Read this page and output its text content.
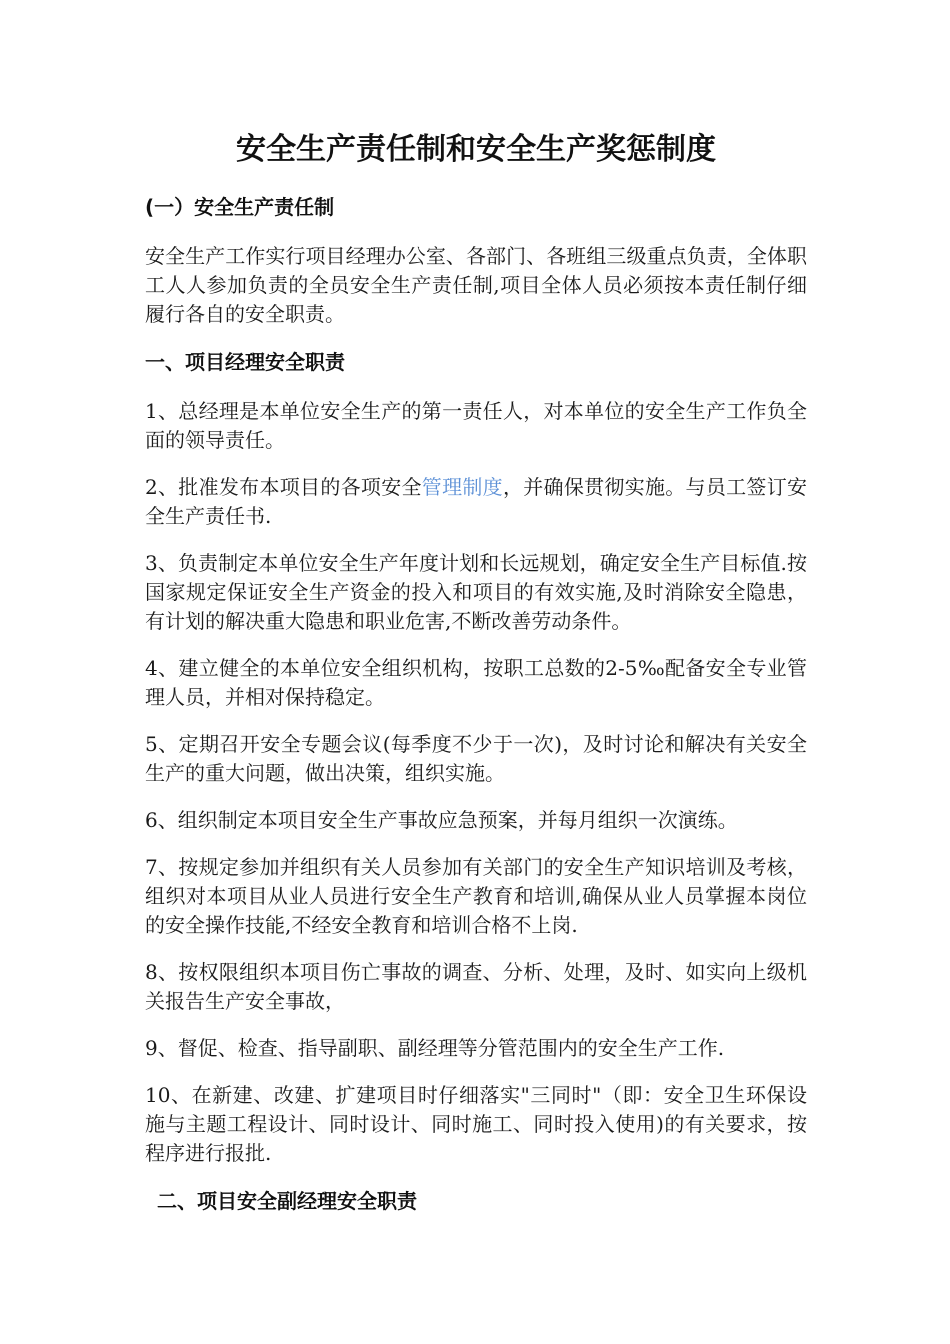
安全生产责任制和安全生产奖惩制度
(一）安全生产责任制

安全生产工作实行项目经理办公室、各部门、各班组三级重点负责，全体职工人人参加负责的全员安全生产责任制,项目全体人员必须按本责任制仔细履行各自的安全职责。

一、项目经理安全职责

1、总经理是本单位安全生产的第一责任人，对本单位的安全生产工作负全面的领导责任。

2、批准发布本项目的各项安全管理制度，并确保贯彻实施。与员工签订安全生产责任书.

3、负责制定本单位安全生产年度计划和长远规划，确定安全生产目标值.按国家规定保证安全生产资金的投入和项目的有效实施,及时消除安全隐患，有计划的解决重大隐患和职业危害,不断改善劳动条件。

4、建立健全的本单位安全组织机构，按职工总数的2-5‰配备安全专业管理人员，并相对保持稳定。

5、定期召开安全专题会议(每季度不少于一次)，及时讨论和解决有关安全生产的重大问题，做出决策，组织实施。

6、组织制定本项目安全生产事故应急预案，并每月组织一次演练。

7、按规定参加并组织有关人员参加有关部门的安全生产知识培训及考核，组织对本项目从业人员进行安全生产教育和培训,确保从业人员掌握本岗位的安全操作技能,不经安全教育和培训合格不上岗.

8、按权限组织本项目伤亡事故的调查、分析、处理，及时、如实向上级机关报告生产安全事故，

9、督促、检查、指导副职、副经理等分管范围内的安全生产工作.

10、在新建、改建、扩建项目时仔细落实"三同时"（即：安全卫生环保设施与主题工程设计、同时设计、同时施工、同时投入使用)的有关要求，按程序进行报批.

二、项目安全副经理安全职责
